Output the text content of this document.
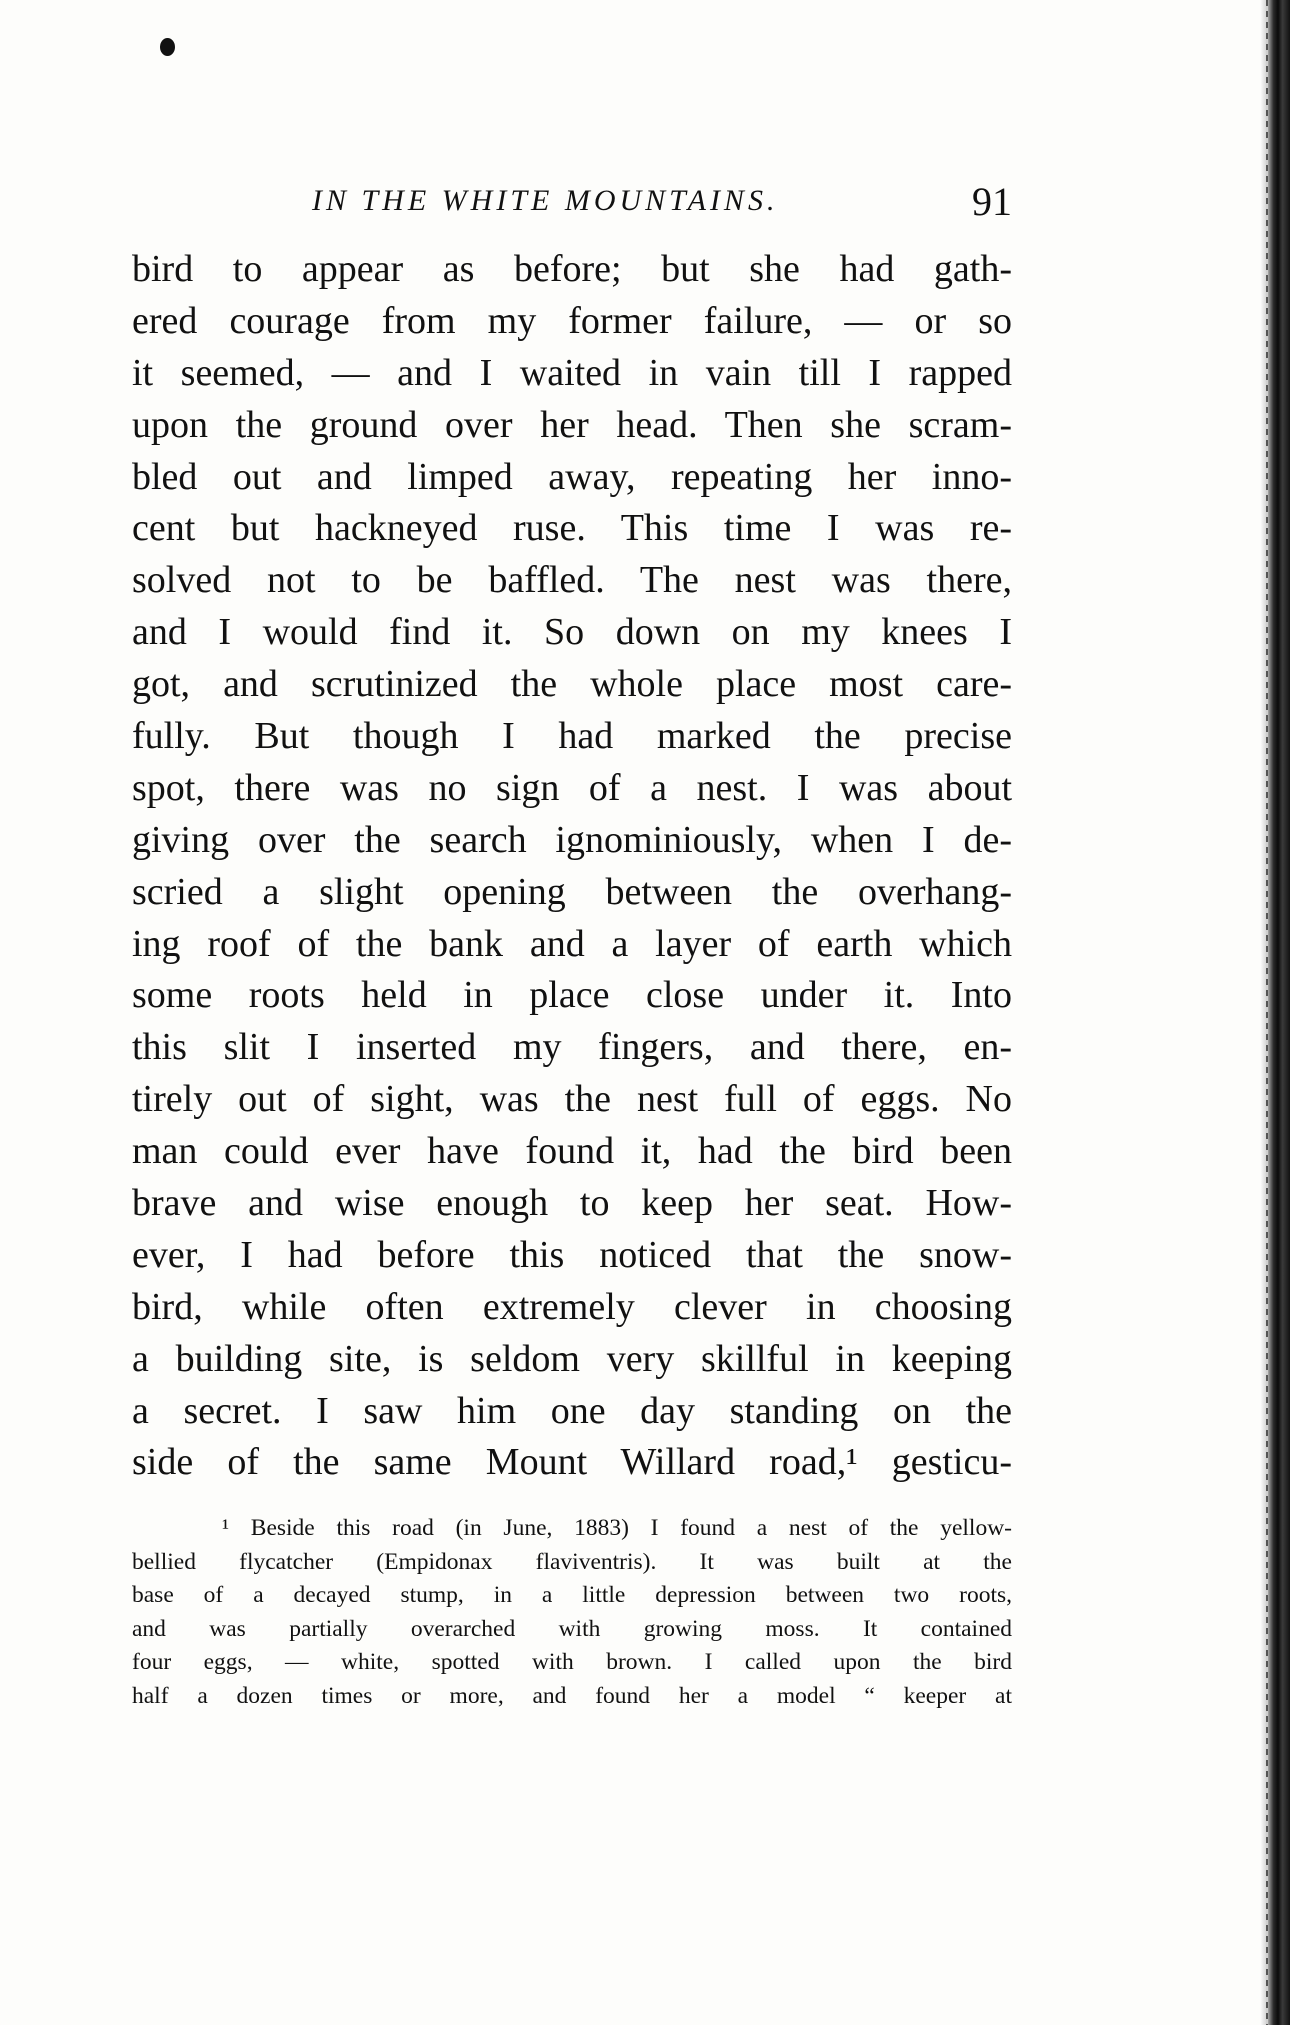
IN THE WHITE MOUNTAINS.	91
bird to appear as before; but she had gath-
ered courage from my former failure, — or so
it seemed, — and I waited in vain till I rapped
upon the ground over her head. Then she scram-
bled out and limped away, repeating her inno-
cent but hackneyed ruse. This time I was re-
solved not to be baffled. The nest was there,
and I would find it. So down on my knees I
got, and scrutinized the whole place most care-
fully. But though I had marked the precise
spot, there was no sign of a nest. I was about
giving over the search ignominiously, when I de-
scried a slight opening between the overhang-
ing roof of the bank and a layer of earth which
some roots held in place close under it. Into
this slit I inserted my fingers, and there, en-
tirely out of sight, was the nest full of eggs. No
man could ever have found it, had the bird been
brave and wise enough to keep her seat. How-
ever, I had before this noticed that the snow-
bird, while often extremely clever in choosing
a building site, is seldom very skillful in keeping
a secret. I saw him one day standing on the
side of the same Mount Willard road,¹ gesticu-
¹ Beside this road (in June, 1883) I found a nest of the yellow-
bellied flycatcher (Empidonax flaviventris). It was built at the
base of a decayed stump, in a little depression between two roots,
and was partially overarched with growing moss. It contained
four eggs, — white, spotted with brown. I called upon the bird
half a dozen times or more, and found her a model “ keeper at
